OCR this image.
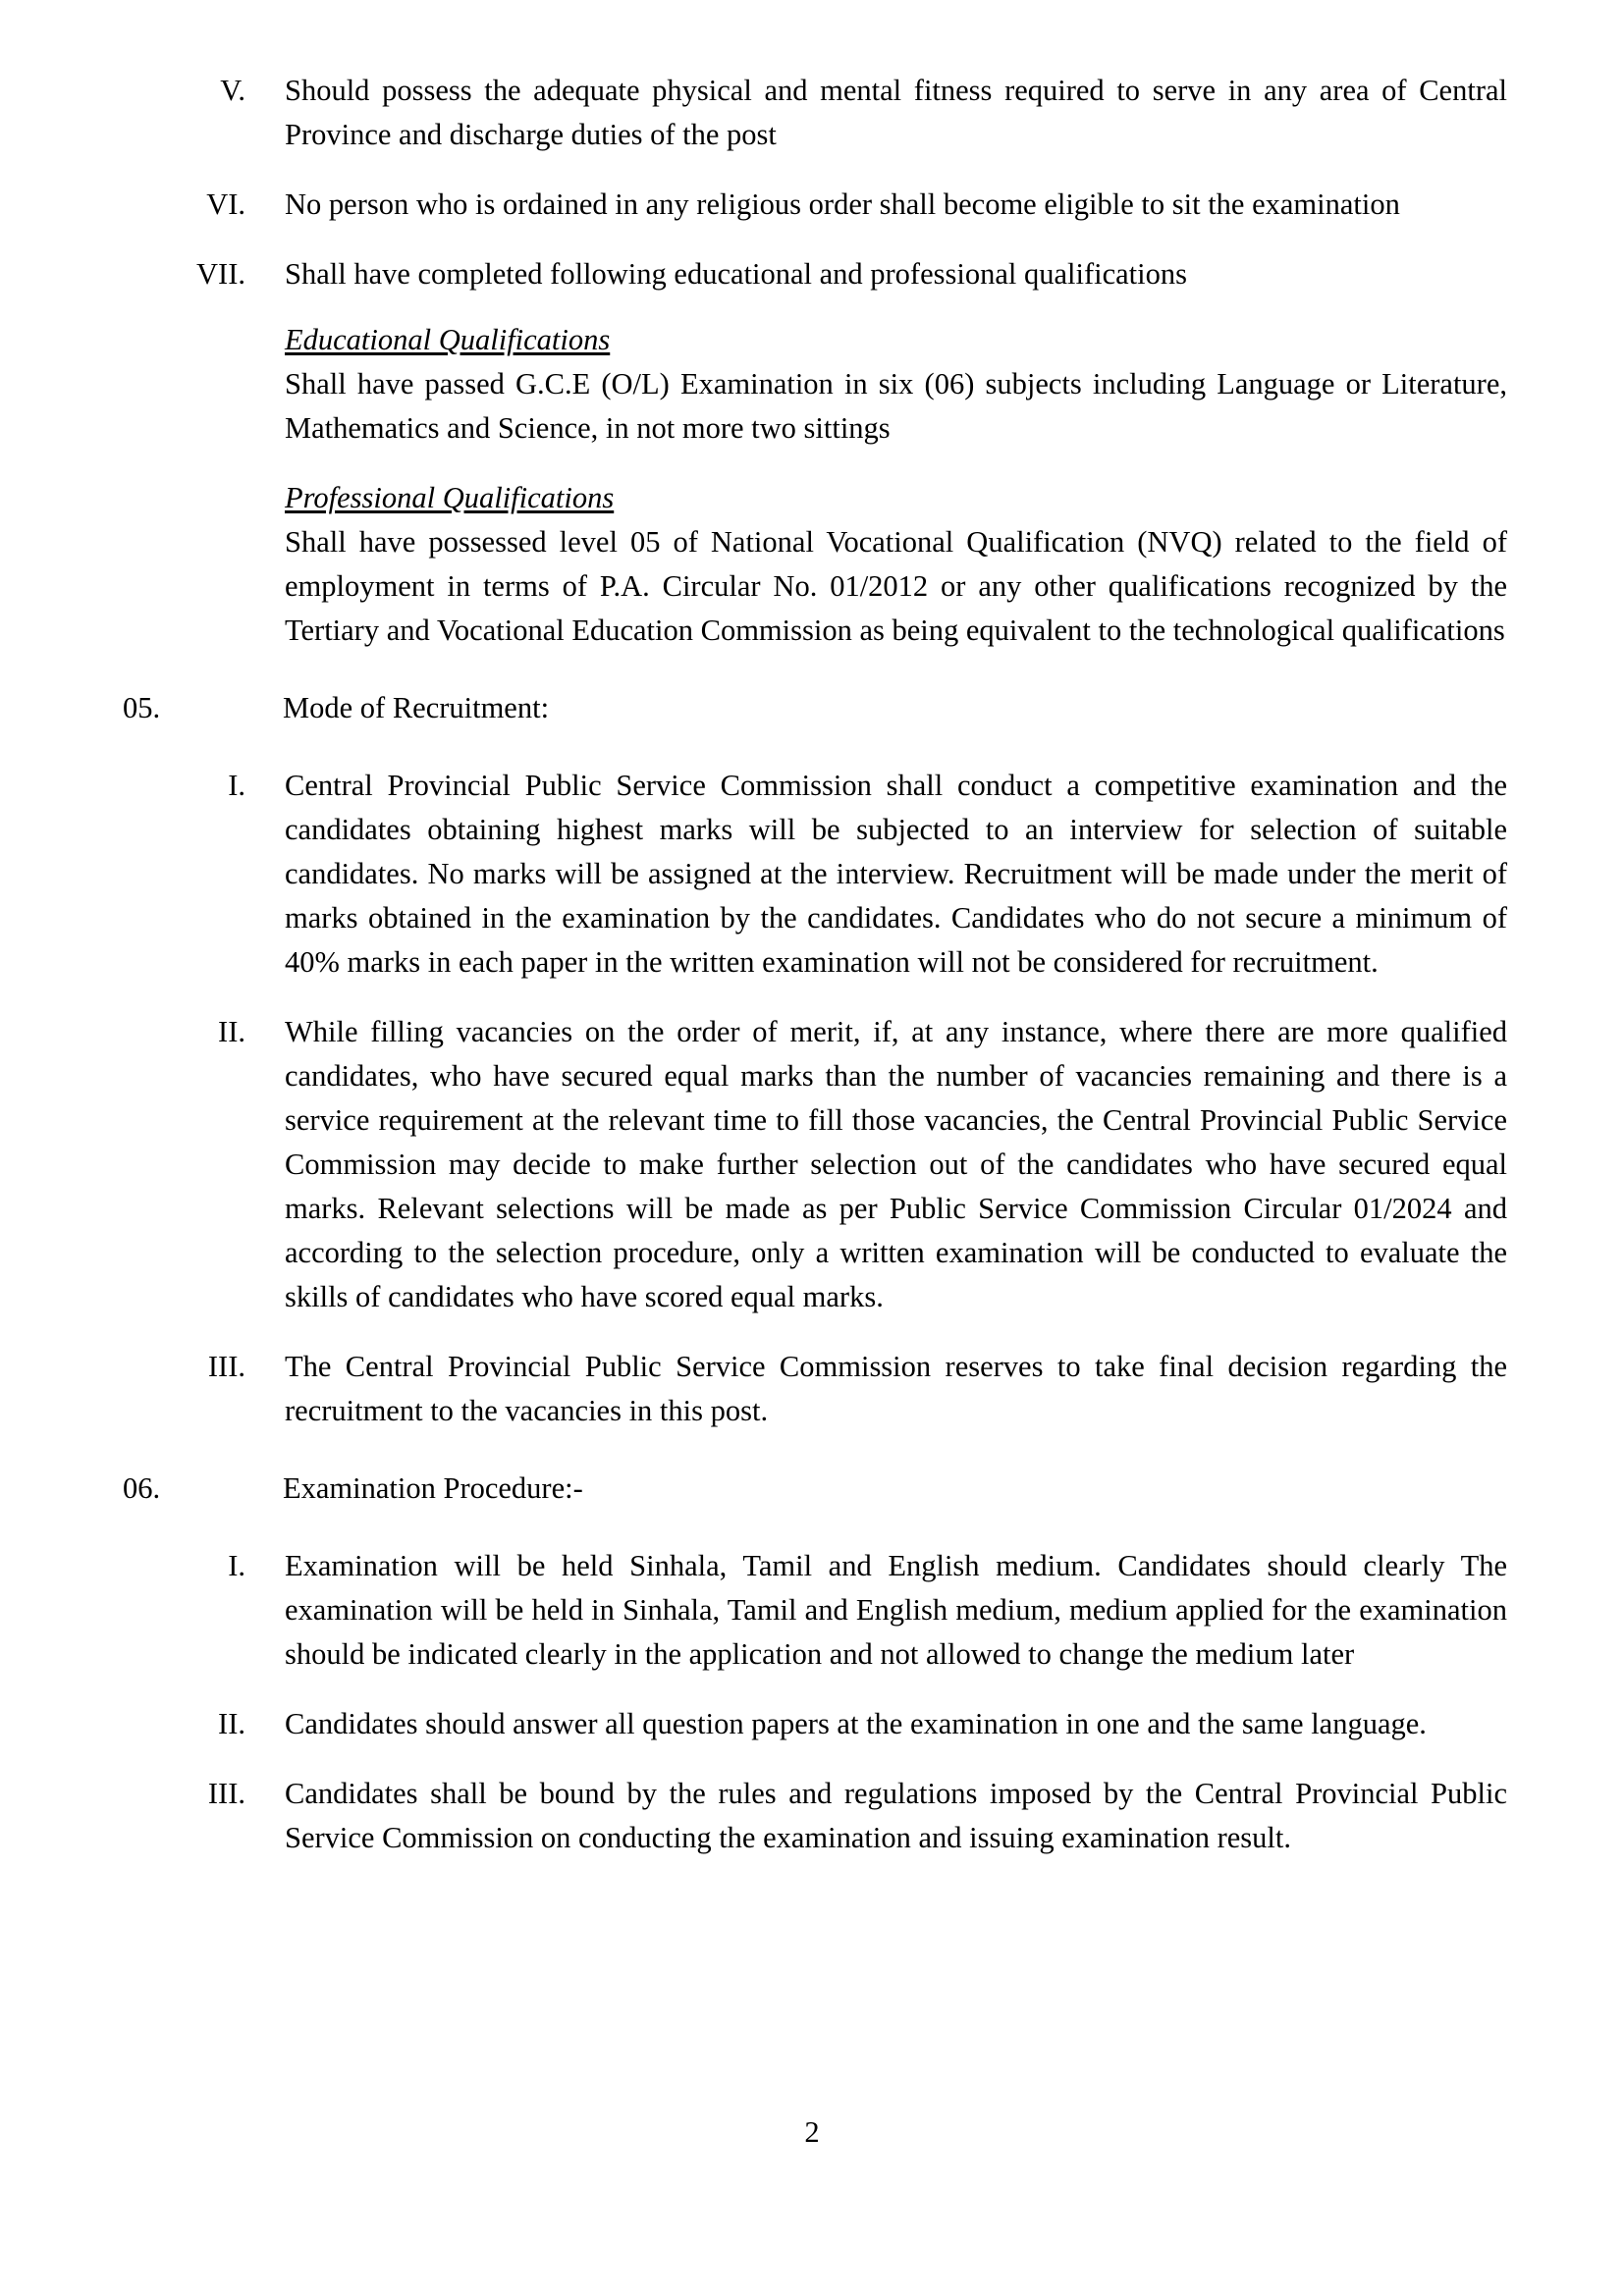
V. Should possess the adequate physical and mental fitness required to serve in any area of Central Province and discharge duties of the post
VI. No person who is ordained in any religious order shall become eligible to sit the examination
VII. Shall have completed following educational and professional qualifications
Educational Qualifications

Shall have passed G.C.E (O/L) Examination in six (06) subjects including Language or Literature, Mathematics and Science, in not more two sittings

Professional Qualifications

Shall have possessed level 05 of National Vocational Qualification (NVQ) related to the field of employment in terms of P.A. Circular No. 01/2012 or any other qualifications recognized by the Tertiary and Vocational Education Commission as being equivalent to the technological qualifications

05.	Mode of Recruitment:
I. Central Provincial Public Service Commission shall conduct a competitive examination and the candidates obtaining highest marks will be subjected to an interview for selection of suitable candidates. No marks will be assigned at the interview. Recruitment will be made under the merit of marks obtained in the examination by the candidates. Candidates who do not secure a minimum of 40% marks in each paper in the written examination will not be considered for recruitment.
II. While filling vacancies on the order of merit, if, at any instance, where there are more qualified candidates, who have secured equal marks than the number of vacancies remaining and there is a service requirement at the relevant time to fill those vacancies, the Central Provincial Public Service Commission may decide to make further selection out of the candidates who have secured equal marks. Relevant selections will be made as per Public Service Commission Circular 01/2024 and according to the selection procedure, only a written examination will be conducted to evaluate the skills of candidates who have scored equal marks.
III. The Central Provincial Public Service Commission reserves to take final decision regarding the recruitment to the vacancies in this post.
06.	Examination Procedure:-
I. Examination will be held Sinhala, Tamil and English medium. Candidates should clearly The examination will be held in Sinhala, Tamil and English medium, medium applied for the examination should be indicated clearly in the application and not allowed to change the medium later
II. Candidates should answer all question papers at the examination in one and the same language.
III. Candidates shall be bound by the rules and regulations imposed by the Central Provincial Public Service Commission on conducting the examination and issuing examination result.
2
